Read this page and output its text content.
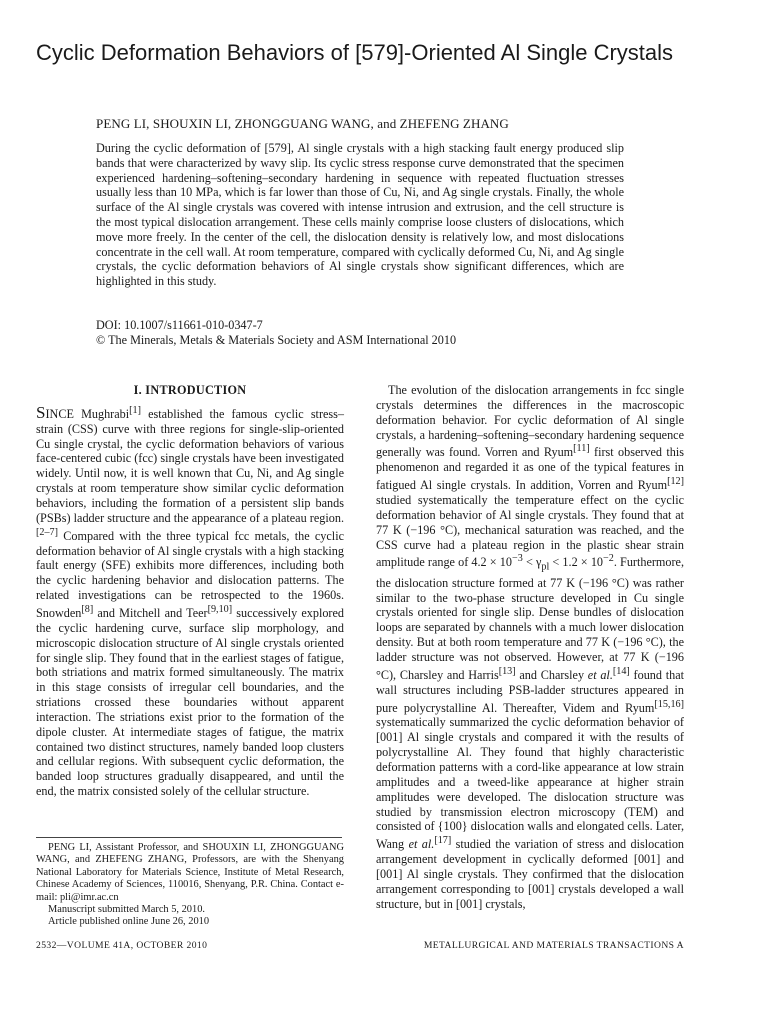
Cyclic Deformation Behaviors of [579]-Oriented Al Single Crystals
PENG LI, SHOUXIN LI, ZHONGGUANG WANG, and ZHEFENG ZHANG
During the cyclic deformation of [579], Al single crystals with a high stacking fault energy produced slip bands that were characterized by wavy slip. Its cyclic stress response curve demonstrated that the specimen experienced hardening–softening–secondary hardening in sequence with repeated fluctuation stresses usually less than 10 MPa, which is far lower than those of Cu, Ni, and Ag single crystals. Finally, the whole surface of the Al single crystals was covered with intense intrusion and extrusion, and the cell structure is the most typical dislocation arrangement. These cells mainly comprise loose clusters of dislocations, which move more freely. In the center of the cell, the dislocation density is relatively low, and most dislocations concentrate in the cell wall. At room temperature, compared with cyclically deformed Cu, Ni, and Ag single crystals, the cyclic deformation behaviors of Al single crystals show significant differences, which are highlighted in this study.
DOI: 10.1007/s11661-010-0347-7
© The Minerals, Metals & Materials Society and ASM International 2010
I. INTRODUCTION

SINCE Mughrabi[1] established the famous cyclic stress–strain (CSS) curve with three regions for single-slip-oriented Cu single crystal, the cyclic deformation behaviors of various face-centered cubic (fcc) single crystals have been investigated widely. Until now, it is well known that Cu, Ni, and Ag single crystals at room temperature show similar cyclic deformation behaviors, including the formation of a persistent slip bands (PSBs) ladder structure and the appearance of a plateau region.[2–7] Compared with the three typical fcc metals, the cyclic deformation behavior of Al single crystals with a high stacking fault energy (SFE) exhibits more differences, including both the cyclic hardening behavior and dislocation patterns. The related investigations can be retrospected to the 1960s. Snowden[8] and Mitchell and Teer[9,10] successively explored the cyclic hardening curve, surface slip morphology, and microscopic dislocation structure of Al single crystals oriented for single slip. They found that in the earliest stages of fatigue, both striations and matrix formed simultaneously. The matrix in this stage consists of irregular cell boundaries, and the striations crossed these boundaries without apparent interaction. The striations exist prior to the formation of the dipole cluster. At intermediate stages of fatigue, the matrix contained two distinct structures, namely banded loop clusters and cellular regions. With subsequent cyclic deformation, the banded loop structures gradually disappeared, and until the end, the matrix consisted solely of the cellular structure.

The evolution of the dislocation arrangements in fcc single crystals determines the differences in the macroscopic deformation behavior. For cyclic deformation of Al single crystals, a hardening–softening–secondary hardening sequence generally was found. Vorren and Ryum[11] first observed this phenomenon and regarded it as one of the typical features in fatigued Al single crystals. In addition, Vorren and Ryum[12] studied systematically the temperature effect on the cyclic deformation behavior of Al single crystals. They found that at 77 K (−196 °C), mechanical saturation was reached, and the CSS curve had a plateau region in the plastic shear strain amplitude range of $4.2 \times 10^{-3} < \gamma_{pl} < 1.2 \times 10^{-2}$. Furthermore, the dislocation structure formed at 77 K (−196 °C) was rather similar to the two-phase structure developed in Cu single crystals oriented for single slip. Dense bundles of dislocation loops are separated by channels with a much lower dislocation density. But at both room temperature and 77 K (−196 °C), the ladder structure was not observed. However, at 77 K (−196 °C), Charsley and Harris[13] and Charsley et al.[14] found that wall structures including PSB-ladder structures appeared in pure polycrystalline Al. Thereafter, Videm and Ryum[15,16] systematically summarized the cyclic deformation behavior of [001] Al single crystals and compared it with the results of polycrystalline Al. They found that highly characteristic deformation patterns with a cord-like appearance at low strain amplitudes and a tweed-like appearance at higher strain amplitudes were developed. The dislocation structure was studied by transmission electron microscopy (TEM) and consisted of {100} dislocation walls and elongated cells. Later, Wang et al.[17] studied the variation of stress and dislocation arrangement development in cyclically deformed [001] and [001] Al single crystals. They confirmed that the dislocation arrangement corresponding to [001] crystals developed a wall structure, but in [001] crystals,

PENG LI, Assistant Professor, and SHOUXIN LI, ZHONGGUANG WANG, and ZHEFENG ZHANG, Professors, are with the Shenyang National Laboratory for Materials Science, Institute of Metal Research, Chinese Academy of Sciences, 110016, Shenyang, P.R. China. Contact e-mail: pli@imr.ac.cn

Manuscript submitted March 5, 2010.

Article published online June 26, 2010

2532—VOLUME 41A, OCTOBER 2010	METALLURGICAL AND MATERIALS TRANSACTIONS A
